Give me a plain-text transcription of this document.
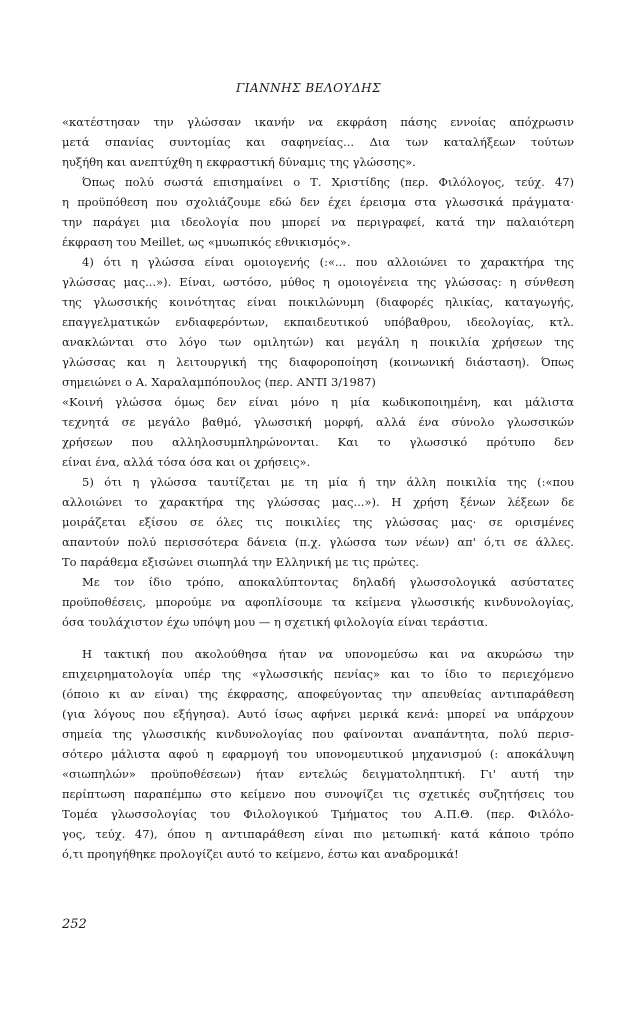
ΓΙΑΝΝΗΣ ΒΕΛΟΥΔΗΣ

«κατέστησαν την γλώσσαν ικανήν να εκφράση πάσης εννοίας απόχρωσιν
μετά σπανίας συντομίας και σαφηνείας... Δια των καταλήξεων τούτων
ηυξήθη και ανεπτύχθη η εκφραστική δύναμις της γλώσσης».

Όπως πολύ σωστά επισημαίνει ο Τ. Χριστίδης (περ. Φιλόλογος, τεύχ. 47)
η προϋπόθεση που σχολιάζουμε εδώ δεν έχει έρεισμα στα γλωσσικά πράγματα·
την παράγει μια ιδεολογία που μπορεί να περιγραφεί, κατά την παλαιότερη
έκφραση του Meillet, ως «μυωπικός εθνικισμός».

4) ότι η γλώσσα είναι ομοιογενής (:«... που αλλοιώνει το χαρακτήρα της
γλώσσας μας...»). Είναι, ωστόσο, μύθος η ομοιογένεια της γλώσσας: η σύνθεση
της γλωσσικής κοινότητας είναι ποικιλώνυμη (διαφορές ηλικίας, καταγωγής,
επαγγελματικών ενδιαφερόντων, εκπαιδευτικού υπόβαθρου, ιδεολογίας, κτλ.
ανακλώνται στο λόγο των ομιλητών) και μεγάλη η ποικιλία χρήσεων της
γλώσσας και η λειτουργική της διαφοροποίηση (κοινωνική διάσταση). Όπως
σημειώνει ο Α. Χαραλαμπόπουλος (περ. ΑΝΤΙ 3/1987)

«Κοινή γλώσσα όμως δεν είναι μόνο η μία κωδικοποιημένη, και μάλιστα
τεχνητά σε μεγάλο βαθμό, γλωσσική μορφή, αλλά ένα σύνολο γλωσσικών
χρήσεων που αλληλοσυμπληρώνονται. Και το γλωσσικό πρότυπο δεν
είναι ένα, αλλά τόσα όσα και οι χρήσεις».

5) ότι η γλώσσα ταυτίζεται με τη μία ή την άλλη ποικιλία της (:«που
αλλοιώνει το χαρακτήρα της γλώσσας μας...»). Η χρήση ξένων λέξεων δε
μοιράζεται εξίσου σε όλες τις ποικιλίες της γλώσσας μας· σε ορισμένες
απαντούν πολύ περισσότερα δάνεια (π.χ. γλώσσα των νέων) απ' ό,τι σε άλλες.
Το παράθεμα εξισώνει σιωπηλά την Ελληνική με τις πρώτες.

Με τον ίδιο τρόπο, αποκαλύπτοντας δηλαδή γλωσσολογικά ασύστατες
προϋποθέσεις, μπορούμε να αφοπλίσουμε τα κείμενα γλωσσικής κινδυνολογίας,
όσα τουλάχιστον έχω υπόψη μου — η σχετική φιλολογία είναι τεράστια.

Η τακτική που ακολούθησα ήταν να υπονομεύσω και να ακυρώσω την
επιχειρηματολογία υπέρ της «γλωσσικής πενίας» και το ίδιο το περιεχόμενο
(όποιο κι αν είναι) της έκφρασης, αποφεύγοντας την απευθείας αντιπαράθεση
(για λόγους που εξήγησα). Αυτό ίσως αφήνει μερικά κενά: μπορεί να υπάρχουν
σημεία της γλωσσικής κινδυνολογίας που φαίνονται αναπάντητα, πολύ περισ-
σότερο μάλιστα αφού η εφαρμογή του υπονομευτικού μηχανισμού (: αποκάλυψη
«σιωπηλών» προϋποθέσεων) ήταν εντελώς δειγματοληπτική. Γι' αυτή την
περίπτωση παραπέμπω στο κείμενο που συνοψίζει τις σχετικές συζητήσεις του
Τομέα γλωσσολογίας του Φιλολογικού Τμήματος του Α.Π.Θ. (περ. Φιλόλο-
γος, τεύχ. 47), όπου η αντιπαράθεση είναι πιο μετωπική· κατά κάποιο τρόπο
ό,τι προηγήθηκε προλογίζει αυτό το κείμενο, έστω και αναδρομικά!

252
